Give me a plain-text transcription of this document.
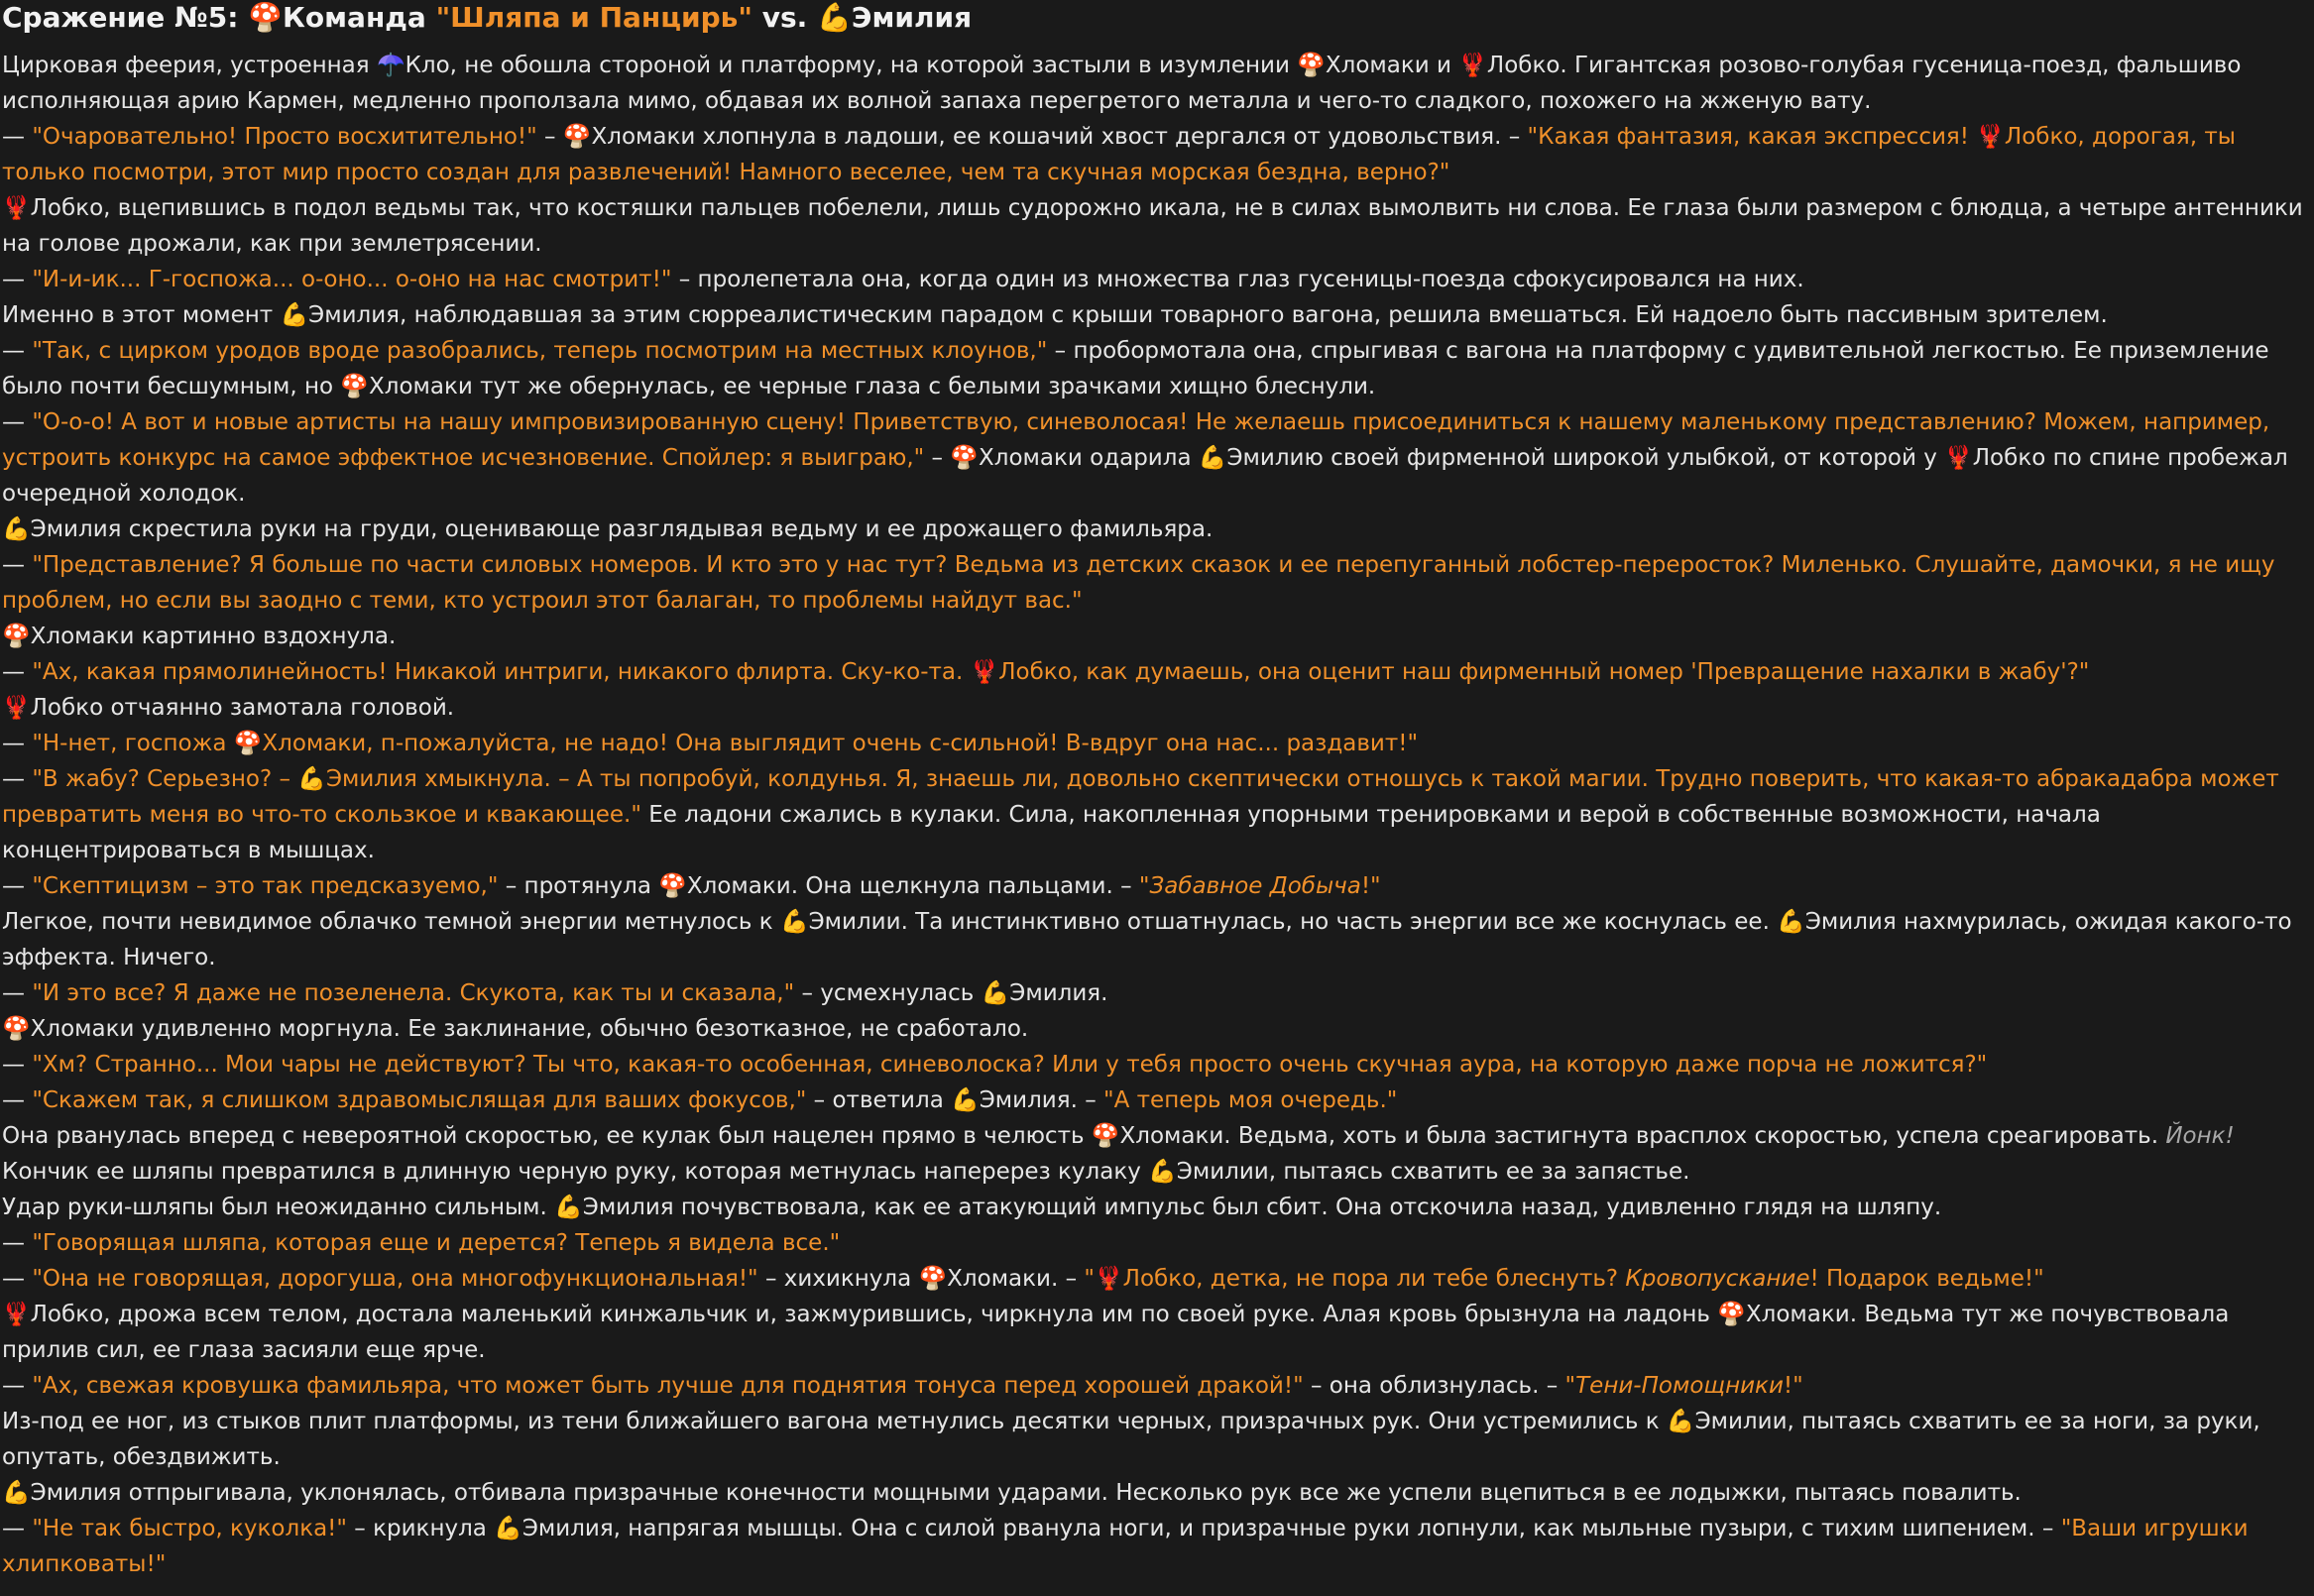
Сражение №5: 🍄Команда "Шляпа и Панцирь" vs. 💪Эмилия

Цирковая феерия, устроенная ☂️Кло, не обошла стороной и платформу, на которой застыли в изумлении 🍄Хломаки и 🦞Лобко. Гигантская розово-голубая гусеница-поезд, фальшиво исполняющая арию Кармен, медленно проползала мимо, обдавая их волной запаха перегретого металла и чего-то сладкого, похожего на жженую вату.

— "Очаровательно! Просто восхитительно!" – 🍄Хломаки хлопнула в ладоши, ее кошачий хвост дергался от удовольствия. – "Какая фантазия, какая экспрессия! 🦞Лобко, дорогая, ты только посмотри, этот мир просто создан для развлечений! Намного веселее, чем та скучная морская бездна, верно?"

🦞Лобко, вцепившись в подол ведьмы так, что костяшки пальцев побелели, лишь судорожно икала, не в силах вымолвить ни слова. Ее глаза были размером с блюдца, а четыре антенники на голове дрожали, как при землетрясении.

— "И-и-ик... Г-госпожа... о-оно... о-оно на нас смотрит!" – пролепетала она, когда один из множества глаз гусеницы-поезда сфокусировался на них.

Именно в этот момент 💪Эмилия, наблюдавшая за этим сюрреалистическим парадом с крыши товарного вагона, решила вмешаться. Ей надоело быть пассивным зрителем.

— "Так, с цирком уродов вроде разобрались, теперь посмотрим на местных клоунов," – пробормотала она, спрыгивая с вагона на платформу с удивительной легкостью. Ее приземление было почти бесшумным, но 🍄Хломаки тут же обернулась, ее черные глаза с белыми зрачками хищно блеснули.

— "О-о-о! А вот и новые артисты на нашу импровизированную сцену! Приветствую, синеволосая! Не желаешь присоединиться к нашему маленькому представлению? Можем, например, устроить конкурс на самое эффектное исчезновение. Спойлер: я выиграю," – 🍄Хломаки одарила 💪Эмилию своей фирменной широкой улыбкой, от которой у 🦞Лобко по спине пробежал очередной холодок.

💪Эмилия скрестила руки на груди, оценивающе разглядывая ведьму и ее дрожащего фамильяра.

— "Представление? Я больше по части силовых номеров. И кто это у нас тут? Ведьма из детских сказок и ее перепуганный лобстер-переросток? Миленько. Слушайте, дамочки, я не ищу проблем, но если вы заодно с теми, кто устроил этот балаган, то проблемы найдут вас."

🍄Хломаки картинно вздохнула.

— "Ах, какая прямолинейность! Никакой интриги, никакого флирта. Ску-ко-та. 🦞Лобко, как думаешь, она оценит наш фирменный номер 'Превращение нахалки в жабу'?"

🦞Лобко отчаянно замотала головой.

— "Н-нет, госпожа 🍄Хломаки, п-пожалуйста, не надо! Она выглядит очень с-сильной! В-вдруг она нас... раздавит!"

— "В жабу? Серьезно? – 💪Эмилия хмыкнула. – А ты попробуй, колдунья. Я, знаешь ли, довольно скептически отношусь к такой магии. Трудно поверить, что какая-то абракадабра может превратить меня во что-то скользкое и квакающее." Ее ладони сжались в кулаки. Сила, накопленная упорными тренировками и верой в собственные возможности, начала концентрироваться в мышцах.

— "Скептицизм – это так предсказуемо," – протянула 🍄Хломаки. Она щелкнула пальцами. – "Забавное Добыча!"

Легкое, почти невидимое облачко темной энергии метнулось к 💪Эмилии. Та инстинктивно отшатнулась, но часть энергии все же коснулась ее. 💪Эмилия нахмурилась, ожидая какого-то эффекта. Ничего.

— "И это все? Я даже не позеленела. Скукота, как ты и сказала," – усмехнулась 💪Эмилия.

🍄Хломаки удивленно моргнула. Ее заклинание, обычно безотказное, не сработало.

— "Хм? Странно... Мои чары не действуют? Ты что, какая-то особенная, синеволоска? Или у тебя просто очень скучная аура, на которую даже порча не ложится?"

— "Скажем так, я слишком здравомыслящая для ваших фокусов," – ответила 💪Эмилия. – "А теперь моя очередь."

Она рванулась вперед с невероятной скоростью, ее кулак был нацелен прямо в челюсть 🍄Хломаки. Ведьма, хоть и была застигнута врасплох скоростью, успела среагировать. Йонк! Кончик ее шляпы превратился в длинную черную руку, которая метнулась наперерез кулаку 💪Эмилии, пытаясь схватить ее за запястье.

Удар руки-шляпы был неожиданно сильным. 💪Эмилия почувствовала, как ее атакующий импульс был сбит. Она отскочила назад, удивленно глядя на шляпу.

— "Говорящая шляпа, которая еще и дерется? Теперь я видела все."

— "Она не говорящая, дорогуша, она многофункциональная!" – хихикнула 🍄Хломаки. – "🦞Лобко, детка, не пора ли тебе блеснуть? Кровопускание! Подарок ведьме!"

🦞Лобко, дрожа всем телом, достала маленький кинжальчик и, зажмурившись, чиркнула им по своей руке. Алая кровь брызнула на ладонь 🍄Хломаки. Ведьма тут же почувствовала прилив сил, ее глаза засияли еще ярче.

— "Ах, свежая кровушка фамильяра, что может быть лучше для поднятия тонуса перед хорошей дракой!" – она облизнулась. – "Тени-Помощники!"

Из-под ее ног, из стыков плит платформы, из тени ближайшего вагона метнулись десятки черных, призрачных рук. Они устремились к 💪Эмилии, пытаясь схватить ее за ноги, за руки, опутать, обездвижить.

💪Эмилия отпрыгивала, уклонялась, отбивала призрачные конечности мощными ударами. Несколько рук все же успели вцепиться в ее лодыжки, пытаясь повалить.

— "Не так быстро, куколка!" – крикнула 💪Эмилия, напрягая мышцы. Она с силой рванула ноги, и призрачные руки лопнули, как мыльные пузыри, с тихим шипением. – "Ваши игрушки хлипковаты!"
